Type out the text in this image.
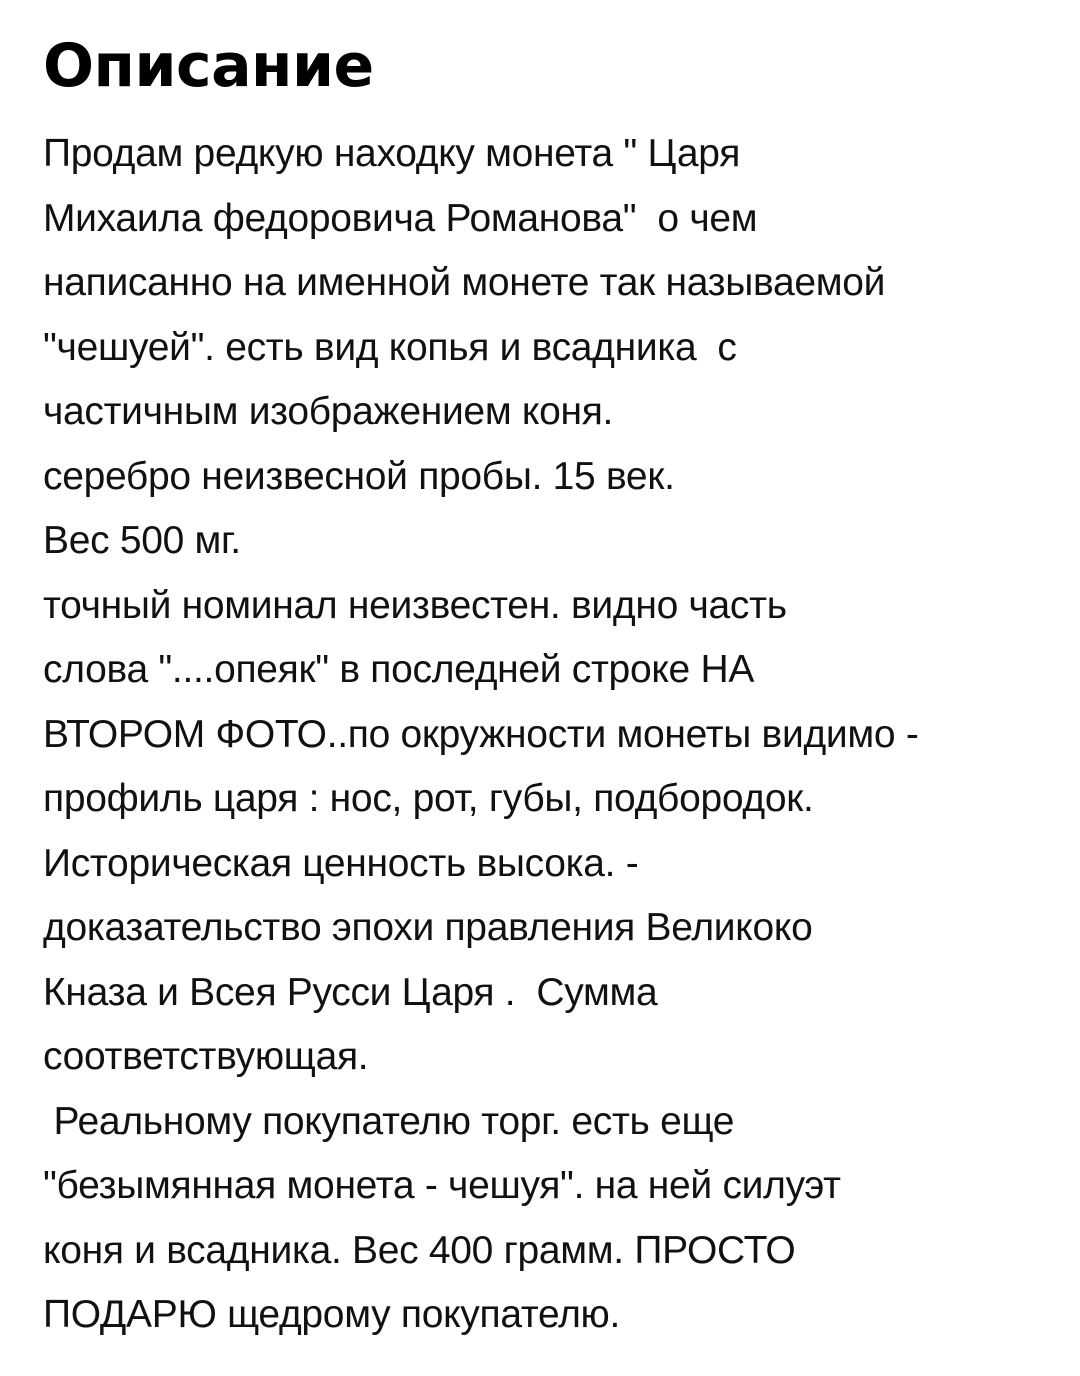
Описание
Продам редкую находку монета " Царя
Михаила федоровича Романова"  о чем
написанно на именной монете так называемой
"чешуей". есть вид копья и всадника  с
частичным изображением коня.
серебро неизвесной пробы. 15 век.
Вес 500 мг.
точный номинал неизвестен. видно часть
слова "....опеяк" в последней строке НА
ВТОРОМ ФОТО..по окружности монеты видимо -
профиль царя : нос, рот, губы, подбородок.
Историческая ценность высока. -
доказательство эпохи правления Великоко
Кназа и Всея Русси Царя .  Сумма
соответствующая.
Реальному покупателю торг. есть еще
"безымянная монета - чешуя". на ней силуэт
коня и всадника. Вес 400 грамм. ПРОСТО
ПОДАРЮ щедрому покупателю.
